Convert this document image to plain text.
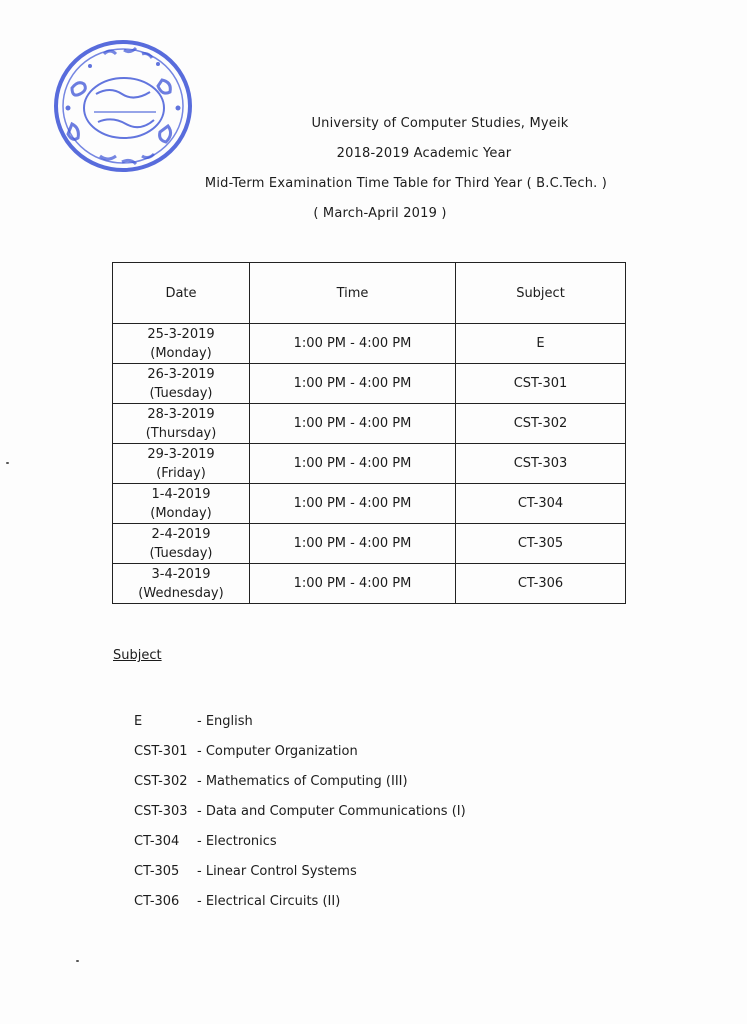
University of Computer Studies, Myeik
2018-2019 Academic Year
Mid-Term Examination Time Table for Third Year ( B.C.Tech. )
( March-April 2019 )
Date	Time	Subject

25-3-2019
(Monday)	1:00 PM - 4:00 PM	E

26-3-2019
(Tuesday)	1:00 PM - 4:00 PM	CST-301

28-3-2019
(Thursday)	1:00 PM - 4:00 PM	CST-302

29-3-2019
(Friday)	1:00 PM - 4:00 PM	CST-303

1-4-2019
(Monday)	1:00 PM - 4:00 PM	CT-304

2-4-2019
(Tuesday)	1:00 PM - 4:00 PM	CT-305

3-4-2019
(Wednesday)	1:00 PM - 4:00 PM	CT-306
Subject
E	- English
CST-301 - Computer Organization
CST-302 - Mathematics of Computing (III)
CST-303 - Data and Computer Communications (I)
CT-304	- Electronics
CT-305	- Linear Control Systems
CT-306	- Electrical Circuits (II)
